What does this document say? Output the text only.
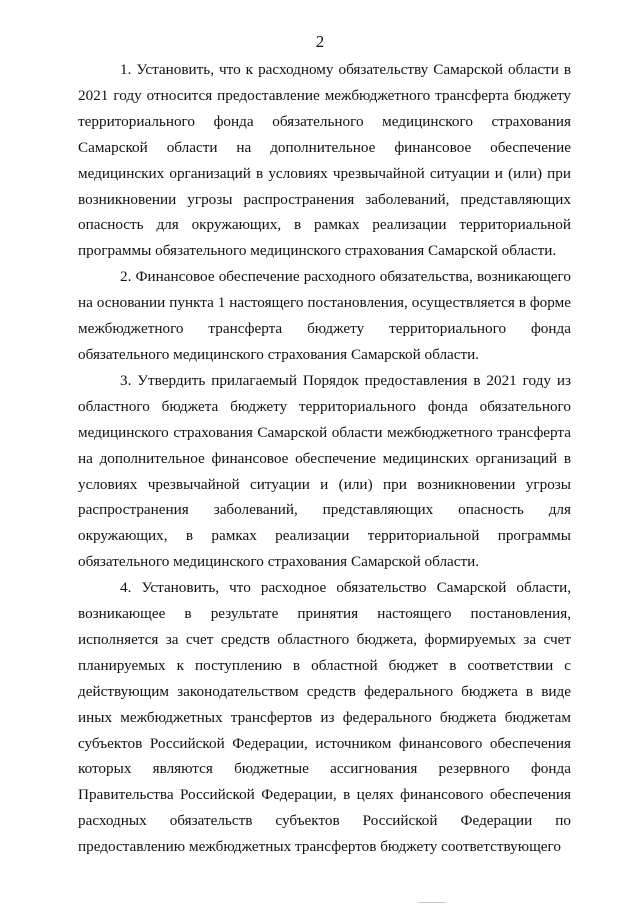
2

1. Установить, что к расходному обязательству Самарской области в 2021 году относится предоставление межбюджетного трансферта бюджету территориального фонда обязательного медицинского страхования Самарской области на дополнительное финансовое обеспечение медицинских организаций в условиях чрезвычайной ситуации и (или) при возникновении угрозы распространения заболеваний, представляющих опасность для окружающих, в рамках реализации территориальной программы обязательного медицинского страхования Самарской области.

2. Финансовое обеспечение расходного обязательства, возникающего на основании пункта 1 настоящего постановления, осуществляется в форме межбюджетного трансферта бюджету территориального фонда обязательного медицинского страхования Самарской области.

3. Утвердить прилагаемый Порядок предоставления в 2021 году из областного бюджета бюджету территориального фонда обязательного медицинского страхования Самарской области межбюджетного трансферта на дополнительное финансовое обеспечение медицинских организаций в условиях чрезвычайной ситуации и (или) при возникновении угрозы распространения заболеваний, представляющих опасность для окружающих, в рамках реализации территориальной программы обязательного медицинского страхования Самарской области.

4. Установить, что расходное обязательство Самарской области, возникающее в результате принятия настоящего постановления, исполняется за счет средств областного бюджета, формируемых за счет планируемых к поступлению в областной бюджет в соответствии с действующим законодательством средств федерального бюджета в виде иных межбюджетных трансфертов из федерального бюджета бюджетам субъектов Российской Федерации, источником финансового обеспечения которых являются бюджетные ассигнования резервного фонда Правительства Российской Федерации, в целях финансового обеспечения расходных обязательств субъектов Российской Федерации по предоставлению межбюджетных трансфертов бюджету соответствующего
